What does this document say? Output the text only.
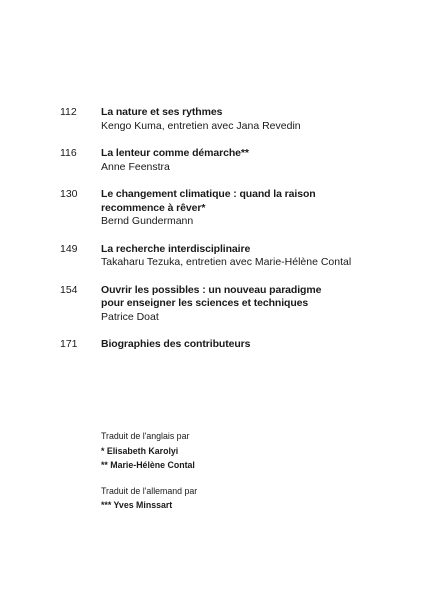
112	La nature et ses rythmes
Kengo Kuma, entretien avec Jana Revedin
116	La lenteur comme démarche**
Anne Feenstra
130	Le changement climatique : quand la raison
recommence à rêver*
Bernd Gundermann
149	La recherche interdisciplinaire
Takaharu Tezuka, entretien avec Marie-Hélène Contal
154	Ouvrir les possibles : un nouveau paradigme
pour enseigner les sciences et techniques
Patrice Doat
171	Biographies des contributeurs
Traduit de l'anglais par
* Elisabeth Karolyi
** Marie-Hélène Contal
Traduit de l'allemand par
*** Yves Minssart
